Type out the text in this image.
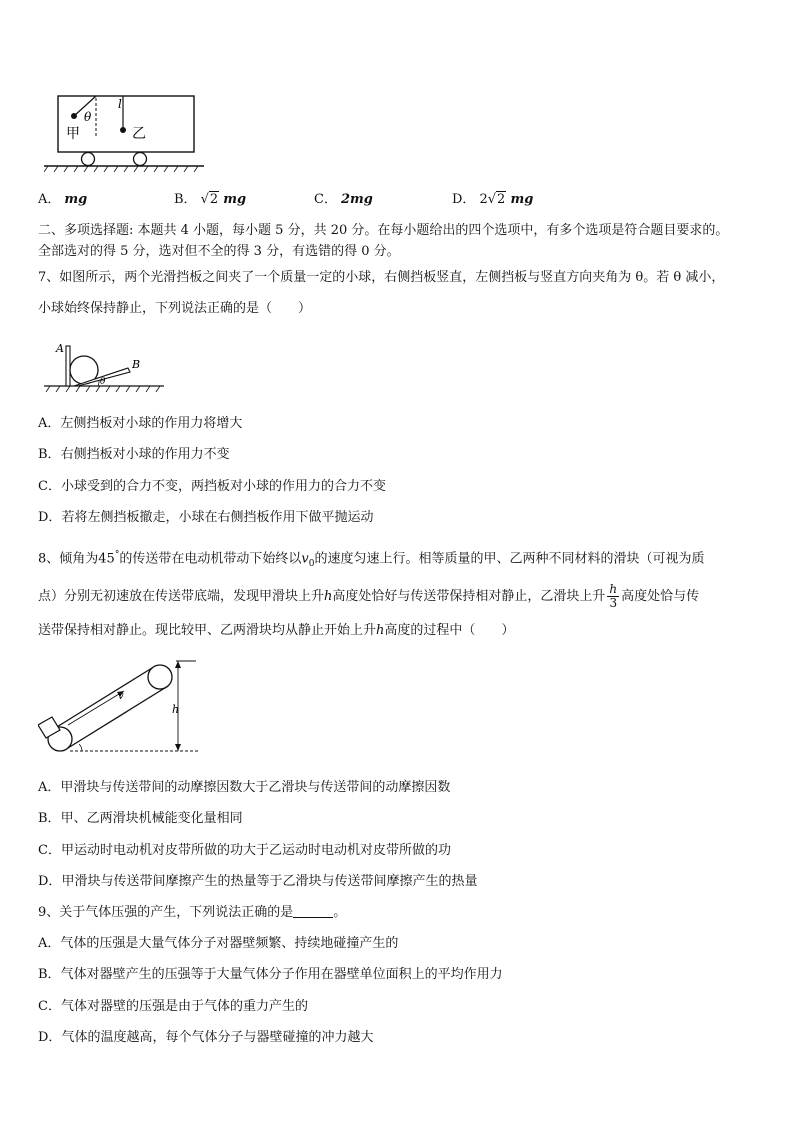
θ
l
甲	乙
A． mg	B． √2 mg	C． 2mg	D． 2√2 mg
二、多项选择题: 本题共 4 小题，每小题 5 分，共 20 分。在每小题给出的四个选项中，有多个选项是符合题目要求的。
全部选对的得 5 分，选对但不全的得 3 分，有选错的得 0 分。
7、如图所示，两个光滑挡板之间夹了一个质量一定的小球，右侧挡板竖直，左侧挡板与竖直方向夹角为 θ。若 θ 减小，
小球始终保持静止，下列说法正确的是（　　）
A
B
θ
A．左侧挡板对小球的作用力将增大
B．右侧挡板对小球的作用力不变
C．小球受到的合力不变，两挡板对小球的作用力的合力不变
D．若将左侧挡板撤走，小球在右侧挡板作用下做平抛运动
8、倾角为45°的传送带在电动机带动下始终以$v_0$的速度匀速上行。相等质量的甲、乙两种不同材料的滑块（可视为质
点）分别无初速放在传送带底端，发现甲滑块上升h高度处恰好与传送带保持相对静止，乙滑块上升 $\frac{h}{3}$ 高度处恰与传
送带保持相对静止。现比较甲、乙两滑块均从静止开始上升h高度的过程中（　　）
v
h
A．甲滑块与传送带间的动摩擦因数大于乙滑块与传送带间的动摩擦因数
B．甲、乙两滑块机械能变化量相同
C．甲运动时电动机对皮带所做的功大于乙运动时电动机对皮带所做的功
D．甲滑块与传送带间摩擦产生的热量等于乙滑块与传送带间摩擦产生的热量
9、关于气体压强的产生，下列说法正确的是	。
A．气体的压强是大量气体分子对器壁频繁、持续地碰撞产生的
B．气体对器壁产生的压强等于大量气体分子作用在器壁单位面积上的平均作用力
C．气体对器壁的压强是由于气体的重力产生的
D．气体的温度越高，每个气体分子与器壁碰撞的冲力越大
